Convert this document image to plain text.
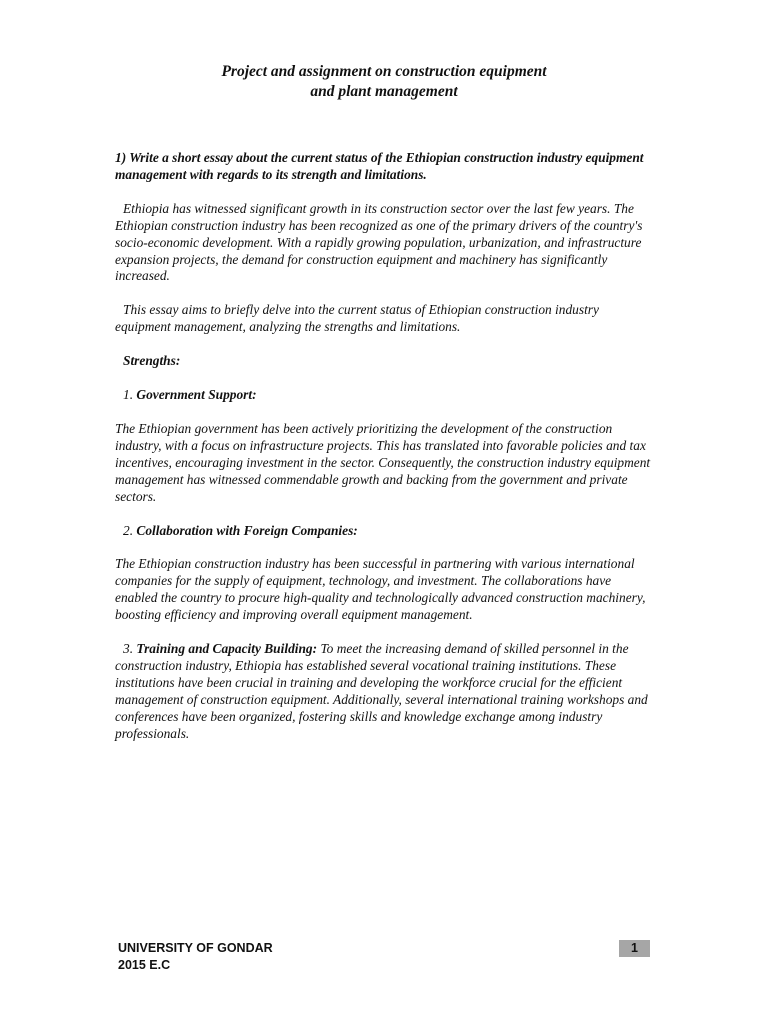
Project and assignment on construction equipment
and plant management

1) Write a short essay about the current status of the Ethiopian construction industry equipment management with regards to its strength and limitations.

Ethiopia has witnessed significant growth in its construction sector over the last few years. The Ethiopian construction industry has been recognized as one of the primary drivers of the country's socio-economic development. With a rapidly growing population, urbanization, and infrastructure expansion projects, the demand for construction equipment and machinery has significantly increased.

This essay aims to briefly delve into the current status of Ethiopian construction industry equipment management, analyzing the strengths and limitations.

Strengths:

1. Government Support:

The Ethiopian government has been actively prioritizing the development of the construction industry, with a focus on infrastructure projects. This has translated into favorable policies and tax incentives, encouraging investment in the sector. Consequently, the construction industry equipment management has witnessed commendable growth and backing from the government and private sectors.

2. Collaboration with Foreign Companies:

The Ethiopian construction industry has been successful in partnering with various international companies for the supply of equipment, technology, and investment. The collaborations have enabled the country to procure high-quality and technologically advanced construction machinery, boosting efficiency and improving overall equipment management.

3. Training and Capacity Building: To meet the increasing demand of skilled personnel in the construction industry, Ethiopia has established several vocational training institutions. These institutions have been crucial in training and developing the workforce crucial for the efficient management of construction equipment. Additionally, several international training workshops and conferences have been organized, fostering skills and knowledge exchange among industry professionals.

UNIVERSITY OF GONDAR
2015 E.C
1
